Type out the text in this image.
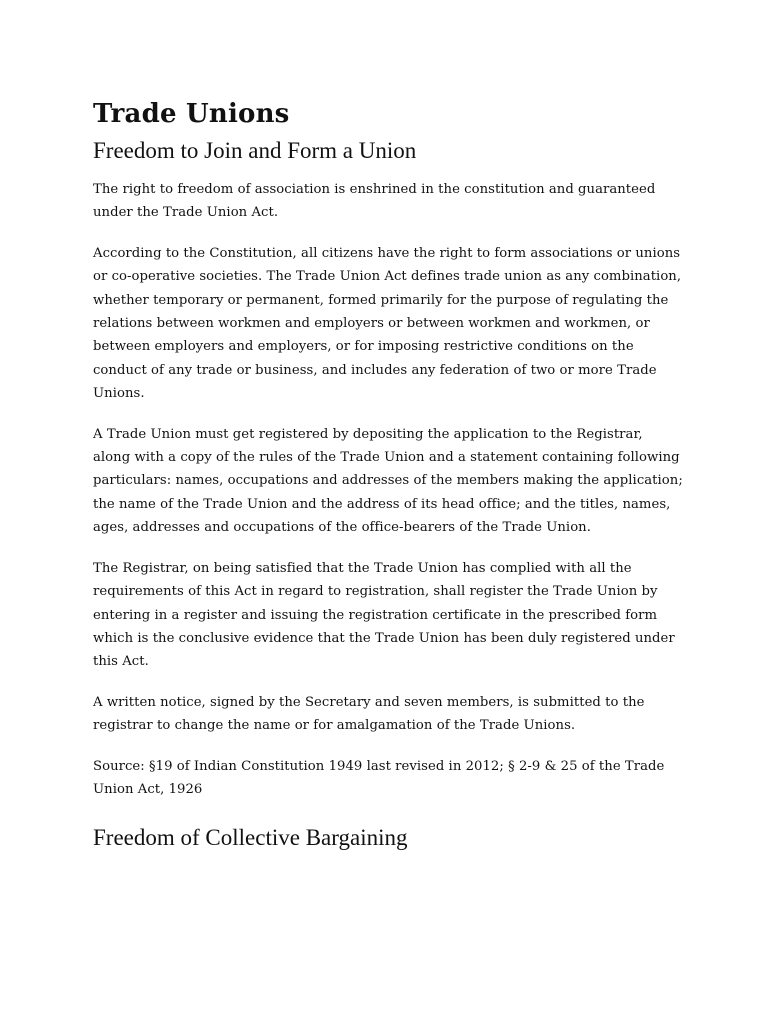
Trade Unions
Freedom to Join and Form a Union

The right to freedom of association is enshrined in the constitution and guaranteed under the Trade Union Act.

According to the Constitution, all citizens have the right to form associations or unions or co-operative societies. The Trade Union Act defines trade union as any combination, whether temporary or permanent, formed primarily for the purpose of regulating the relations between workmen and employers or between workmen and workmen, or between employers and employers, or for imposing restrictive conditions on the conduct of any trade or business, and includes any federation of two or more Trade Unions.

A Trade Union must get registered by depositing the application to the Registrar, along with a copy of the rules of the Trade Union and a statement containing following particulars: names, occupations and addresses of the members making the application; the name of the Trade Union and the address of its head office; and the titles, names, ages, addresses and occupations of the office-bearers of the Trade Union.

The Registrar, on being satisfied that the Trade Union has complied with all the requirements of this Act in regard to registration, shall register the Trade Union by entering in a register and issuing the registration certificate in the prescribed form which is the conclusive evidence that the Trade Union has been duly registered under this Act.

A written notice, signed by the Secretary and seven members, is submitted to the registrar to change the name or for amalgamation of the Trade Unions.

Source: §19 of Indian Constitution 1949 last revised in 2012; § 2-9 & 25 of the Trade Union Act, 1926

Freedom of Collective Bargaining
